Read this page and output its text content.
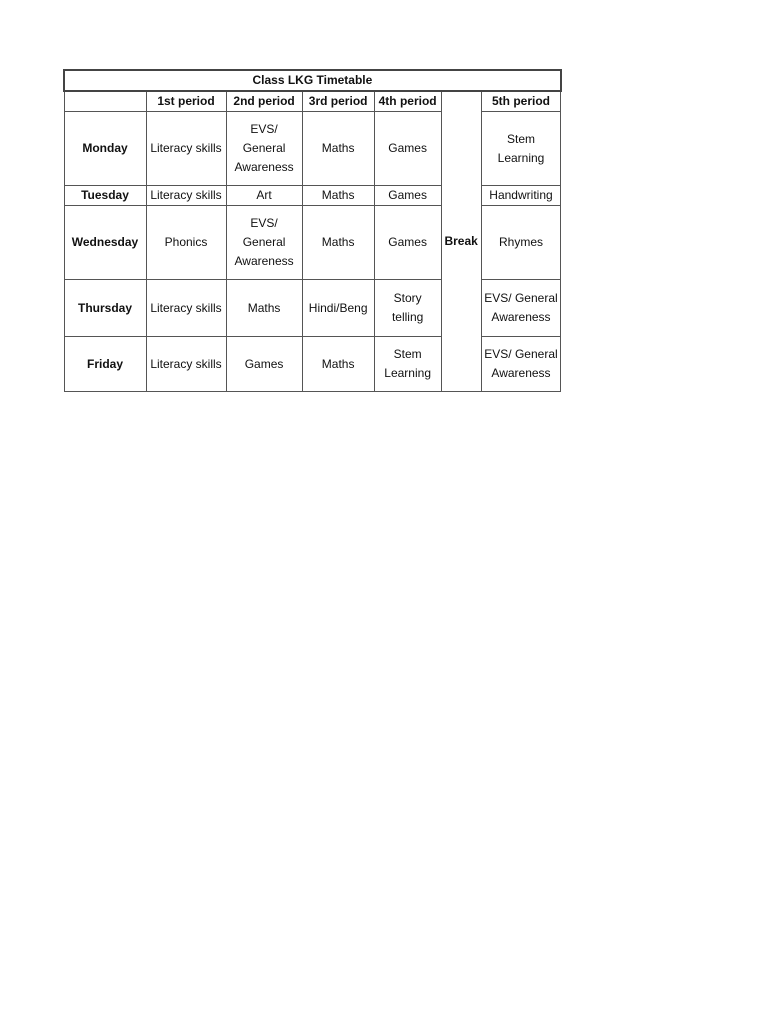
Class LKG Timetable						
	1st period	2nd period	3rd period	4th period	Break	5th period
Monday	Literacy skills	EVS/ General Awareness	Maths	Games		Stem Learning
Tuesday	Literacy skills	Art	Maths	Games		Handwriting
Wednesday	Phonics	EVS/ General Awareness	Maths	Games		Rhymes
Thursday	Literacy skills	Maths	Hindi/Beng	Story telling		EVS/ General Awareness
Friday	Literacy skills	Games	Maths	Stem Learning		EVS/ General Awareness
